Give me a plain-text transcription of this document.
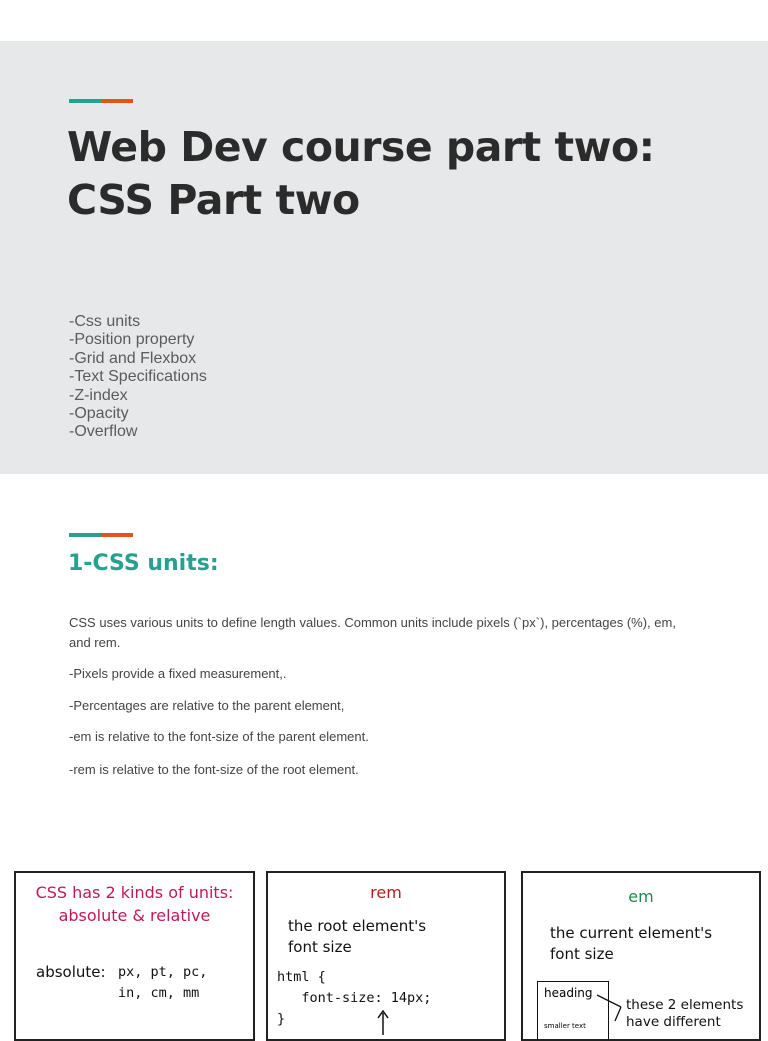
Web Dev course part two:
CSS Part two
-Css units
-Position property
-Grid and Flexbox
-Text Specifications
-Z-index
-Opacity
-Overflow
1-CSS units:

CSS uses various units to define length values. Common units include pixels (`px`), percentages (%), em, and rem.

-Pixels provide a fixed measurement,.

-Percentages are relative to the parent element,

-em is relative to the font-size of the parent element.

-rem is relative to the font-size of the root element.

CSS has 2 kinds of units:

absolute & relative

absolute: px, pt, pc,

in, cm, mm

rem

the root element's

font size

html {

font-size: 14px;

}

em

the current element's

font size

heading
smaller text

these 2 elements

have different
